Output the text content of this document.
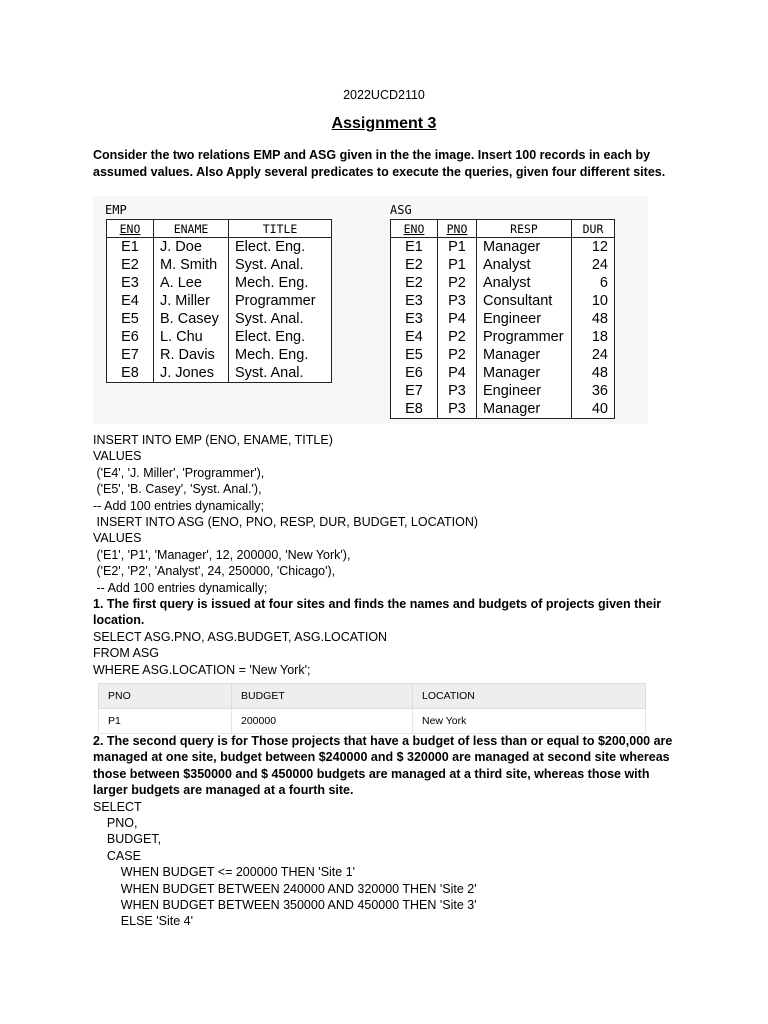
2022UCD2110
Assignment 3
Consider the two relations EMP and ASG given in the the image. Insert 100 records in each by assumed values. Also Apply several predicates to execute the queries, given four different sites.
EMP
ENO	ENAME	TITLE
E1	J. Doe	Elect. Eng.
E2	M. Smith	Syst. Anal.
E3	A. Lee	Mech. Eng.
E4	J. Miller	Programmer
E5	B. Casey	Syst. Anal.
E6	L. Chu	Elect. Eng.
E7	R. Davis	Mech. Eng.
E8	J. Jones	Syst. Anal.
ASG
ENO	PNO	RESP	DUR
E1	P1	Manager	12
E2	P1	Analyst	24
E2	P2	Analyst	6
E3	P3	Consultant	10
E3	P4	Engineer	48
E4	P2	Programmer	18
E5	P2	Manager	24
E6	P4	Manager	48
E7	P3	Engineer	36
E8	P3	Manager	40
INSERT INTO EMP (ENO, ENAME, TITLE)
VALUES
('E4', 'J. Miller', 'Programmer'),
('E5', 'B. Casey', 'Syst. Anal.'),
-- Add 100 entries dynamically;
INSERT INTO ASG (ENO, PNO, RESP, DUR, BUDGET, LOCATION)
VALUES
('E1', 'P1', 'Manager', 12, 200000, 'New York'),
('E2', 'P2', 'Analyst', 24, 250000, 'Chicago'),
-- Add 100 entries dynamically;
1. The first query is issued at four sites and finds the names and budgets of projects given their location.
SELECT ASG.PNO, ASG.BUDGET, ASG.LOCATION
FROM ASG
WHERE ASG.LOCATION = 'New York';
PNO	BUDGET	LOCATION
P1	200000	New York
2. The second query is for Those projects that have a budget of less than or equal to $200,000 are managed at one site, budget between $240000 and $ 320000 are managed at second site whereas those between $350000 and $ 450000 budgets are managed at a third site, whereas those with larger budgets are managed at a fourth site.
SELECT
PNO,
BUDGET,
CASE
WHEN BUDGET <= 200000 THEN 'Site 1'
WHEN BUDGET BETWEEN 240000 AND 320000 THEN 'Site 2'
WHEN BUDGET BETWEEN 350000 AND 450000 THEN 'Site 3'
ELSE 'Site 4'
